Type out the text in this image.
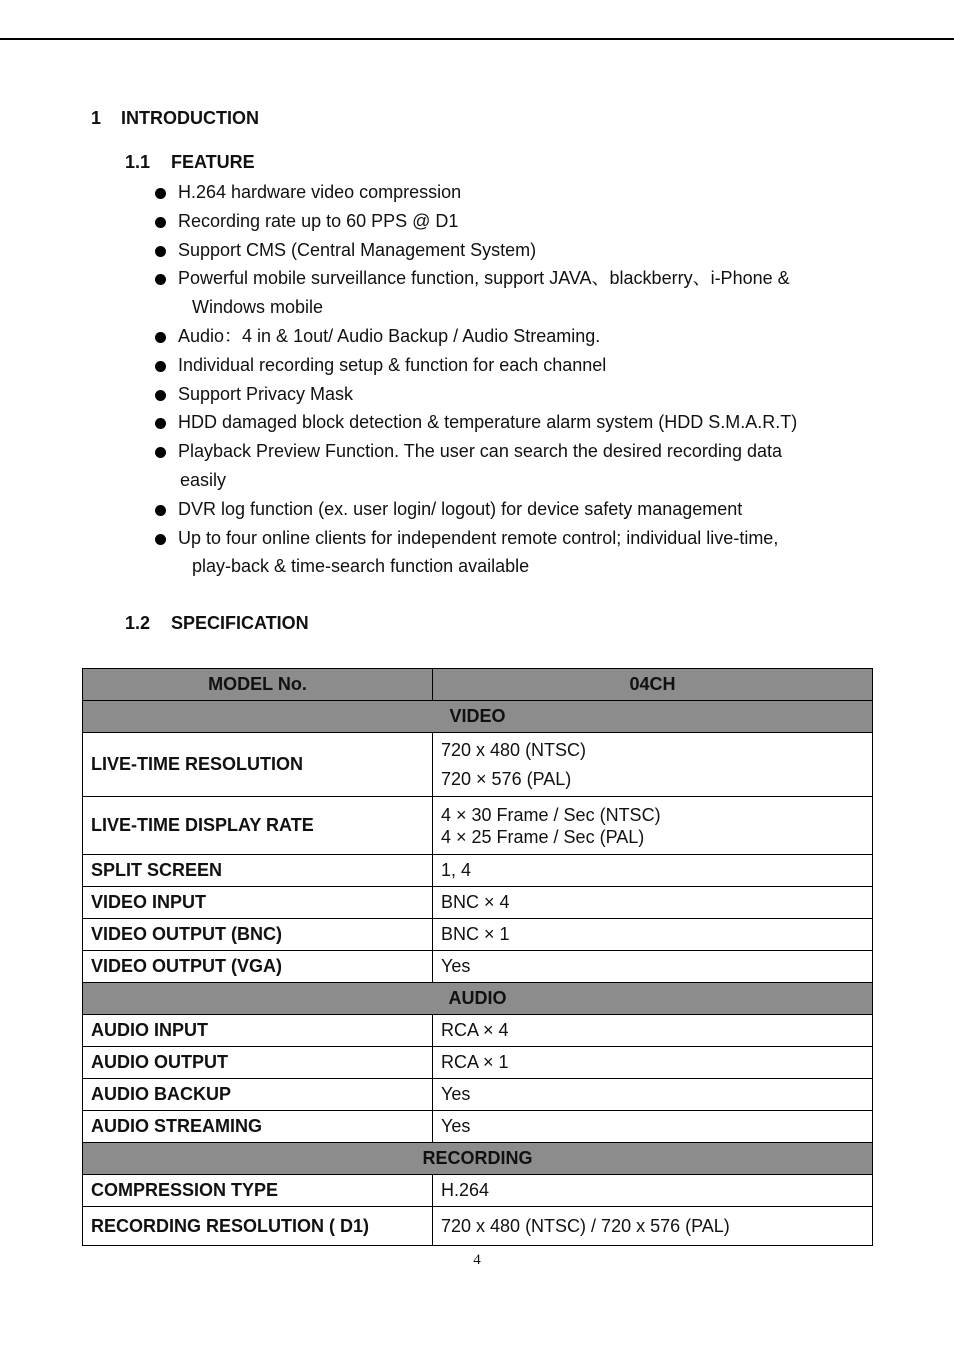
1 INTRODUCTION
1.1 FEATURE
H.264 hardware video compression
Recording rate up to 60 PPS @ D1
Support CMS (Central Management System)
Powerful mobile surveillance function, support JAVA、blackberry、i-Phone &
Windows mobile
Audio：4 in & 1out/ Audio Backup / Audio Streaming.
Individual recording setup & function for each channel
Support Privacy Mask
HDD damaged block detection & temperature alarm system (HDD S.M.A.R.T)
Playback Preview Function. The user can search the desired recording data
easily
DVR log function (ex. user login/ logout) for device safety management
Up to four online clients for independent remote control; individual live-time,
play-back & time-search function available
1.2 SPECIFICATION
MODEL No.	04CH
VIDEO	
LIVE-TIME RESOLUTION	720 x 480 (NTSC)
720 × 576 (PAL)

LIVE-TIME DISPLAY RATE	4 × 30 Frame / Sec (NTSC)
4 × 25 Frame / Sec (PAL)

SPLIT SCREEN	1, 4
VIDEO INPUT	BNC × 4
VIDEO OUTPUT (BNC)	BNC × 1
VIDEO OUTPUT (VGA)	Yes
AUDIO	
AUDIO INPUT	RCA × 4
AUDIO OUTPUT	RCA × 1
AUDIO BACKUP	Yes
AUDIO STREAMING	Yes
RECORDING	
COMPRESSION TYPE	H.264
RECORDING RESOLUTION ( D1)	720 x 480 (NTSC) / 720 x 576 (PAL)
4
